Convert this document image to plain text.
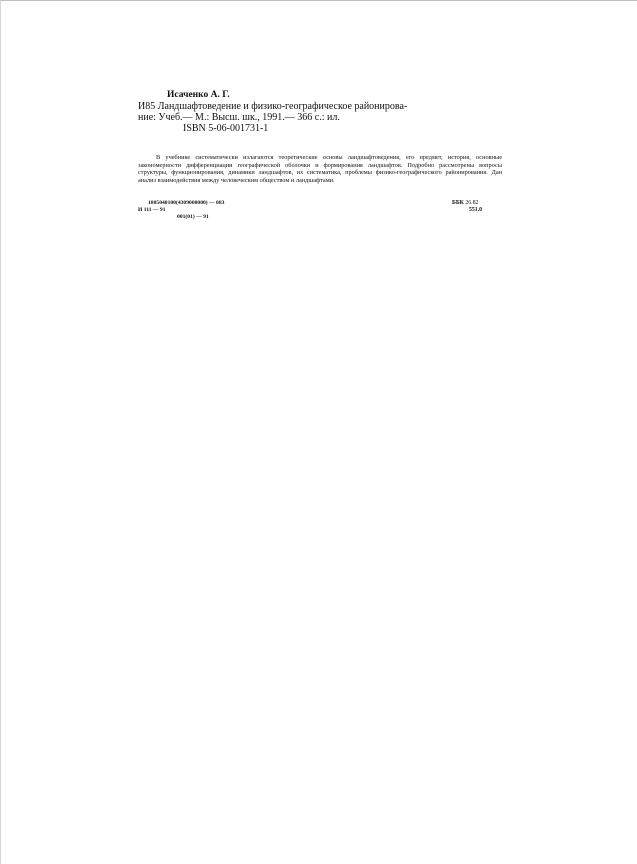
Исаченко А. Г.
И85 Ландшафтоведение и физико-географическое районирова-
ние: Учеб.— М.: Высш. шк., 1991.— 366 с.: ил.
ISBN 5-06-001731-1

В учебнике систематически излагаются теоретические основы ландшафтоведения, его предмет, история, основные закономерности дифференциации географической оболочки и формирования ландшафтов. Подробно рассмотрены вопросы структуры, функционирования, динамики ландшафтов, их систематика, проблемы физико-географического районирования. Дан анализ взаимодействия между человеческим обществом и ландшафтами.

1805040100(4309000000) — 083
И 111 — 91
001(01) — 91
ББК 26.82
551.0
